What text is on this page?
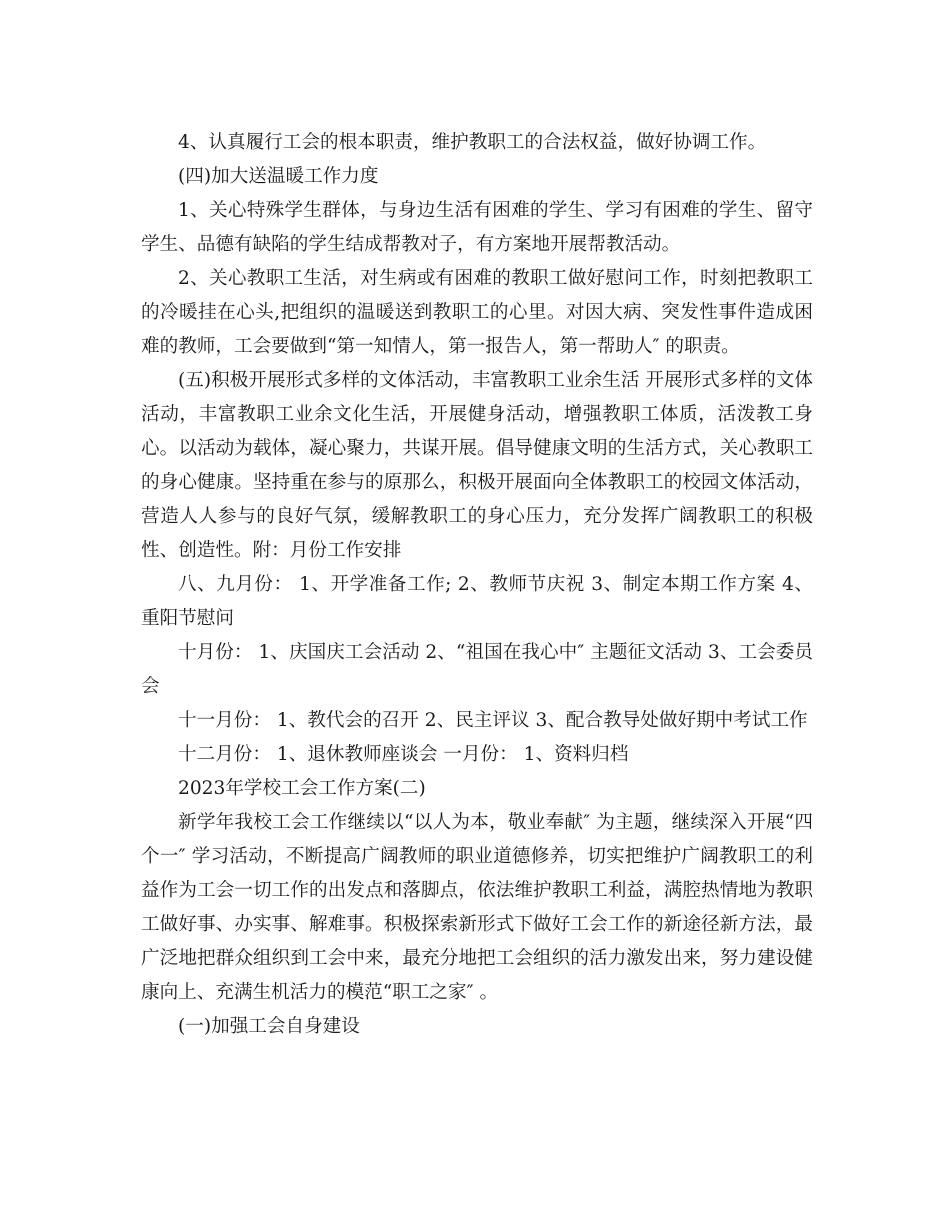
4、认真履行工会的根本职责，维护教职工的合法权益，做好协调工作。

(四)加大送温暖工作力度

1、关心特殊学生群体，与身边生活有困难的学生、学习有困难的学生、留守学生、品德有缺陷的学生结成帮教对子，有方案地开展帮教活动。

2、关心教职工生活，对生病或有困难的教职工做好慰问工作，时刻把教职工的冷暖挂在心头,把组织的温暖送到教职工的心里。对因大病、突发性事件造成困难的教师，工会要做到“第一知情人，第一报告人，第一帮助人″ 的职责。

(五)积极开展形式多样的文体活动，丰富教职工业余生活 开展形式多样的文体活动，丰富教职工业余文化生活，开展健身活动，增强教职工体质，活泼教工身心。以活动为载体，凝心聚力，共谋开展。倡导健康文明的生活方式，关心教职工的身心健康。坚持重在参与的原那么，积极开展面向全体教职工的校园文体活动，营造人人参与的良好气氛，缓解教职工的身心压力，充分发挥广阔教职工的积极性、创造性。附：月份工作安排

八、九月份： 1、开学准备工作; 2、教师节庆祝 3、制定本期工作方案 4、重阳节慰问

十月份： 1、庆国庆工会活动 2、“祖国在我心中″ 主题征文活动 3、工会委员会

十一月份： 1、教代会的召开 2、民主评议 3、配合教导处做好期中考试工作

十二月份： 1、退休教师座谈会 一月份： 1、资料归档

2023年学校工会工作方案(二)

新学年我校工会工作继续以“以人为本，敬业奉献″ 为主题，继续深入开展“四个一″ 学习活动，不断提高广阔教师的职业道德修养，切实把维护广阔教职工的利益作为工会一切工作的出发点和落脚点，依法维护教职工利益，满腔热情地为教职工做好事、办实事、解难事。积极探索新形式下做好工会工作的新途径新方法，最广泛地把群众组织到工会中来，最充分地把工会组织的活力激发出来，努力建设健康向上、充满生机活力的模范“职工之家″ 。

(一)加强工会自身建设
